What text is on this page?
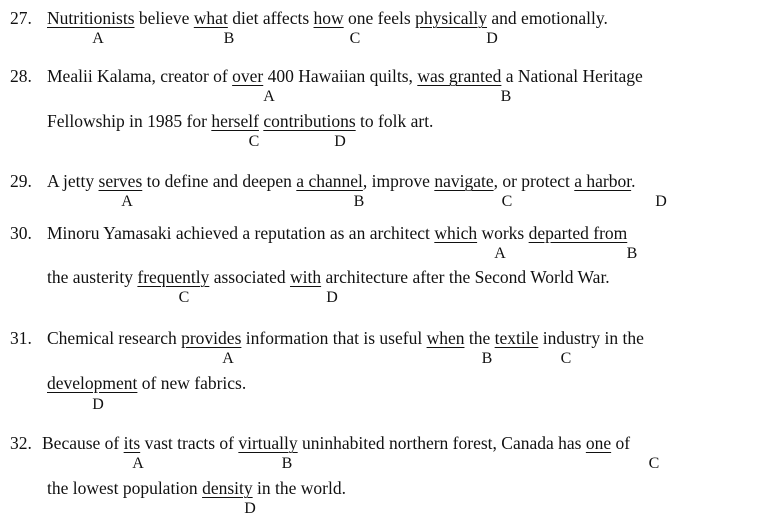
27. Nutritionists believe what diet affects how one feels physically and emotionally.
A	B	C	D
28. Mealii Kalama, creator of over 400 Hawaiian quilts, was granted a National Heritage
A	B
Fellowship in 1985 for herself contributions to folk art.
C	D
29. A jetty serves to define and deepen a channel, improve navigate, or protect a harbor.
A	B	C	D
30. Minoru Yamasaki achieved a reputation as an architect which works departed from
A	B
the austerity frequently associated with architecture after the Second World War.
C	D
31. Chemical research provides information that is useful when the textile industry in the
A	B	C
development of new fabrics.
D
32. Because of its vast tracts of virtually uninhabited northern forest, Canada has one of
A	B	C
the lowest population density in the world.
D
